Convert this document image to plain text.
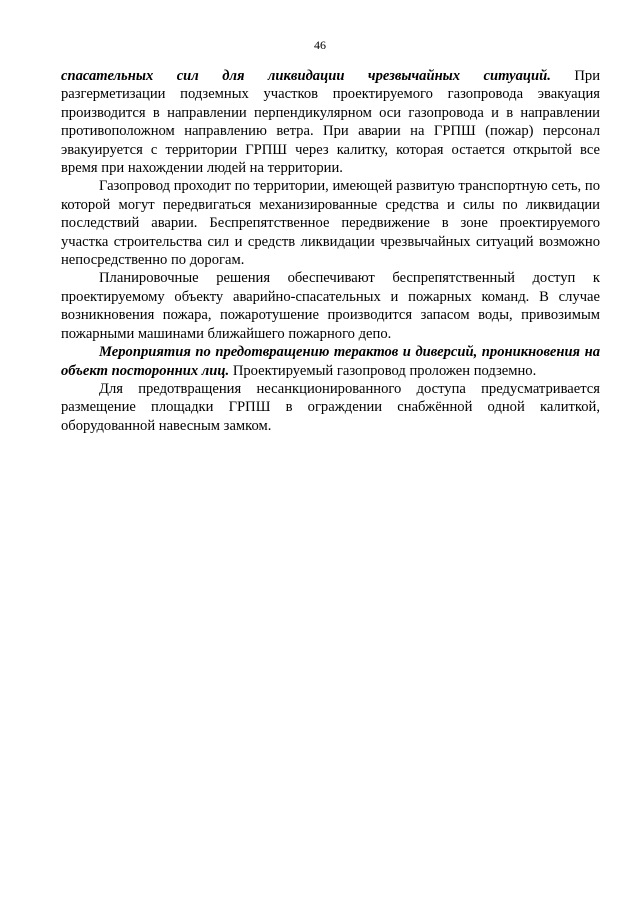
46

спасательных сил для ликвидации чрезвычайных ситуаций. При

разгерметизации подземных участков проектируемого газопровода эвакуация производится в направлении перпендикулярном оси газопровода и в направлении противоположном направлению ветра. При аварии на ГРПШ (пожар) персонал эвакуируется с территории ГРПШ через калитку, которая остается открытой все время при нахождении людей на территории.

Газопровод проходит по территории, имеющей развитую транспортную сеть, по которой могут передвигаться механизированные средства и силы по ликвидации последствий аварии. Беспрепятственное передвижение в зоне проектируемого участка строительства сил и средств ликвидации чрезвычайных ситуаций возможно непосредственно по дорогам.

Планировочные решения обеспечивают беспрепятственный доступ к проектируемому объекту аварийно-спасательных и пожарных команд. В случае возникновения пожара, пожаротушение производится запасом воды, привозимым пожарными машинами ближайшего пожарного депо.

Мероприятия по предотвращению терактов и диверсий, проникновения на объект посторонних лиц. Проектируемый газопровод проложен подземно.

Для предотвращения несанкционированного доступа предусматривается размещение площадки ГРПШ в ограждении снабжённой одной калиткой, оборудованной навесным замком.
